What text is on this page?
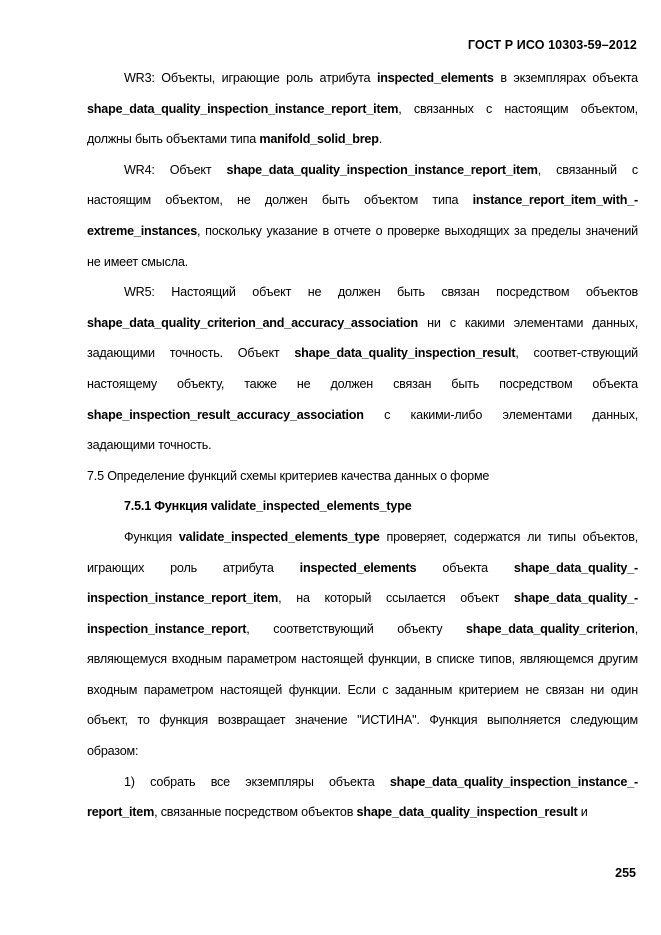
ГОСТ Р ИСО 10303-59–2012

WR3: Объекты, играющие роль атрибута inspected_elements в экземплярах объекта shape_data_quality_inspection_instance_report_item, связанных с настоящим объектом, должны быть объектами типа manifold_solid_brep.

WR4: Объект shape_data_quality_inspection_instance_report_item, связанный с настоящим объектом, не должен быть объектом типа instance_report_item_with_-extreme_instances, поскольку указание в отчете о проверке выходящих за пределы значений не имеет смысла.

WR5: Настоящий объект не должен быть связан посредством объектов shape_data_quality_criterion_and_accuracy_association ни с какими элементами данных, задающими точность. Объект shape_data_quality_inspection_result, соответ-ствующий настоящему объекту, также не должен связан быть посредством объекта shape_inspection_result_accuracy_association с какими-либо элементами данных, задающими точность.

7.5 Определение функций схемы критериев качества данных о форме

7.5.1 Функция validate_inspected_elements_type

Функция validate_inspected_elements_type проверяет, содержатся ли типы объектов, играющих роль атрибута inspected_elements объекта shape_data_quality_-inspection_instance_report_item, на который ссылается объект shape_data_quality_-inspection_instance_report, соответствующий объекту shape_data_quality_criterion, являющемуся входным параметром настоящей функции, в списке типов, являющемся другим входным параметром настоящей функции. Если с заданным критерием не связан ни один объект, то функция возвращает значение "ИСТИНА". Функция выполняется следующим образом:

1) собрать все экземпляры объекта shape_data_quality_inspection_instance_-report_item, связанные посредством объектов shape_data_quality_inspection_result и

255
